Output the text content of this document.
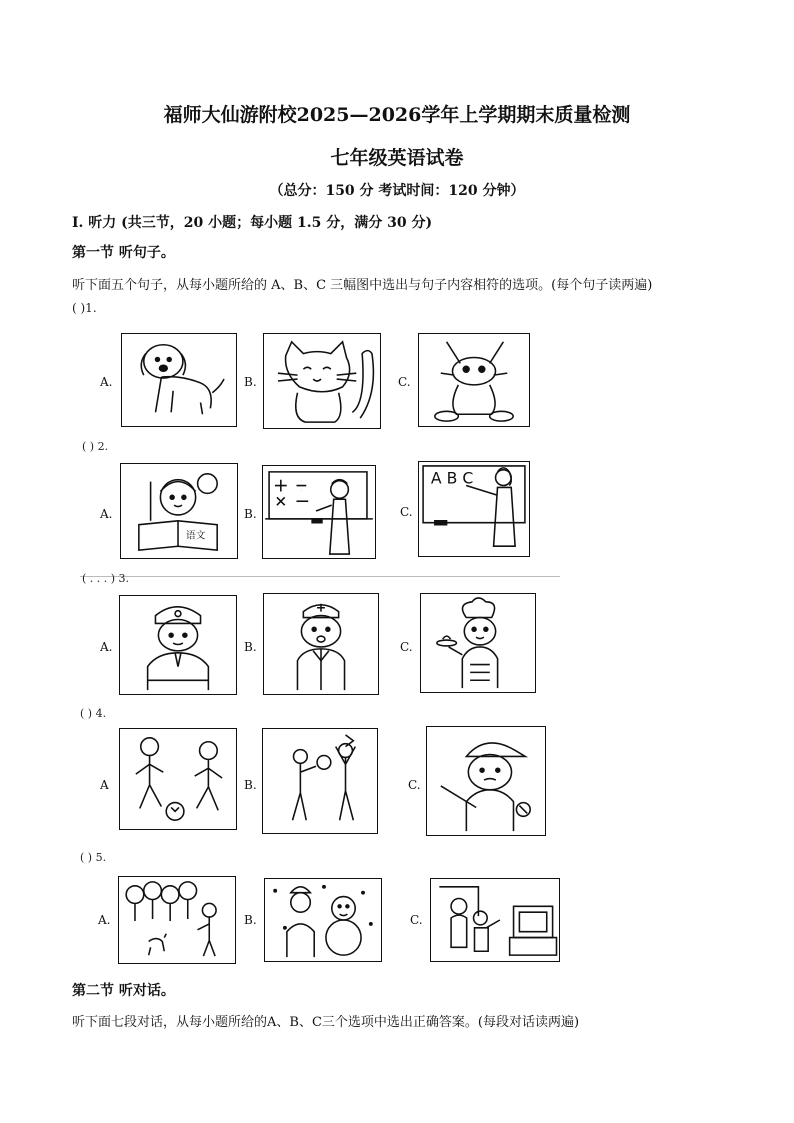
福师大仙游附校2025—2026学年上学期期末质量检测
七年级英语试卷
（总分：150 分 考试时间：120 分钟）
Ⅰ. 听力 (共三节，20 小题；每小题 1.5 分，满分 30 分)
第一节 听句子。
听下面五个句子，从每小题所给的 A、B、C 三幅图中选出与句子内容相符的选项。(每个句子读两遍)
( )1.
A.	B.	C.
( ) 2.
A.
语文
B.	C.
A B C
( . . . ) 3.
A.	B.	C.
( ) 4.
A	B.	C.
( ) 5.
A.	B.	C.
第二节 听对话。
听下面七段对话，从每小题所给的A、B、C三个选项中选出正确答案。(每段对话读两遍)
